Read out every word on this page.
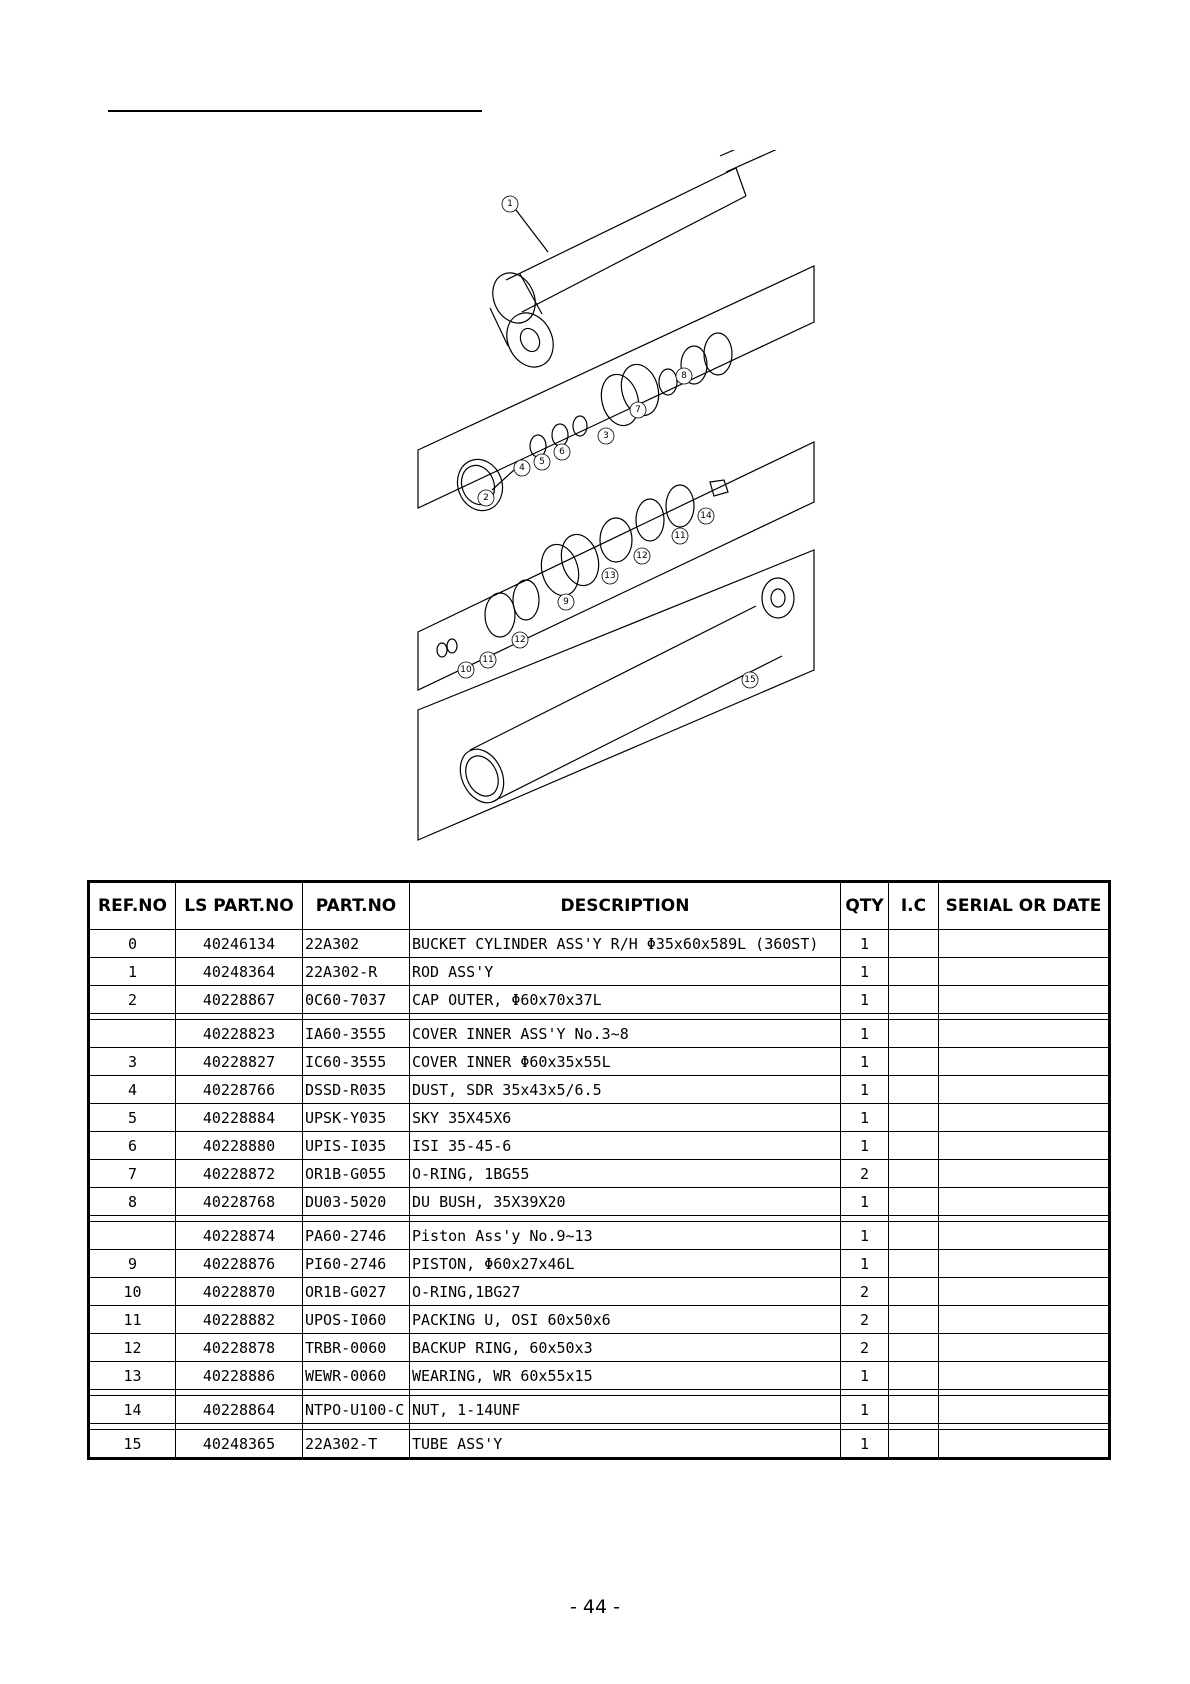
1
2
3
4
5
6
7
8
9
10
11
12
13
14
11
12
15
REF.NO	LS PART.NO	PART.NO	DESCRIPTION	QTY	I.C	SERIAL OR DATE
0	40246134	22A302	BUCKET CYLINDER ASS'Y R/H Φ35x60x589L (360ST)	1		
1	40248364	22A302-R	ROD ASS'Y	1		
2	40228867	0C60-7037	CAP OUTER, Φ60x70x37L	1		

	40228823	IA60-3555	COVER INNER ASS'Y No.3~8	1		
3	40228827	IC60-3555	COVER INNER Φ60x35x55L	1		
4	40228766	DSSD-R035	DUST, SDR 35x43x5/6.5	1		
5	40228884	UPSK-Y035	SKY 35X45X6	1		
6	40228880	UPIS-I035	ISI 35-45-6	1		
7	40228872	OR1B-G055	O-RING, 1BG55	2		
8	40228768	DU03-5020	DU BUSH, 35X39X20	1		

	40228874	PA60-2746	Piston Ass'y No.9~13	1		
9	40228876	PI60-2746	PISTON, Φ60x27x46L	1		
10	40228870	OR1B-G027	O-RING,1BG27	2		
11	40228882	UPOS-I060	PACKING U, OSI 60x50x6	2		
12	40228878	TRBR-0060	BACKUP RING, 60x50x3	2		
13	40228886	WEWR-0060	WEARING, WR 60x55x15	1		

14	40228864	NTPO-U100-C	NUT, 1-14UNF	1		

15	40248365	22A302-T	TUBE ASS'Y	1		
- 44 -
